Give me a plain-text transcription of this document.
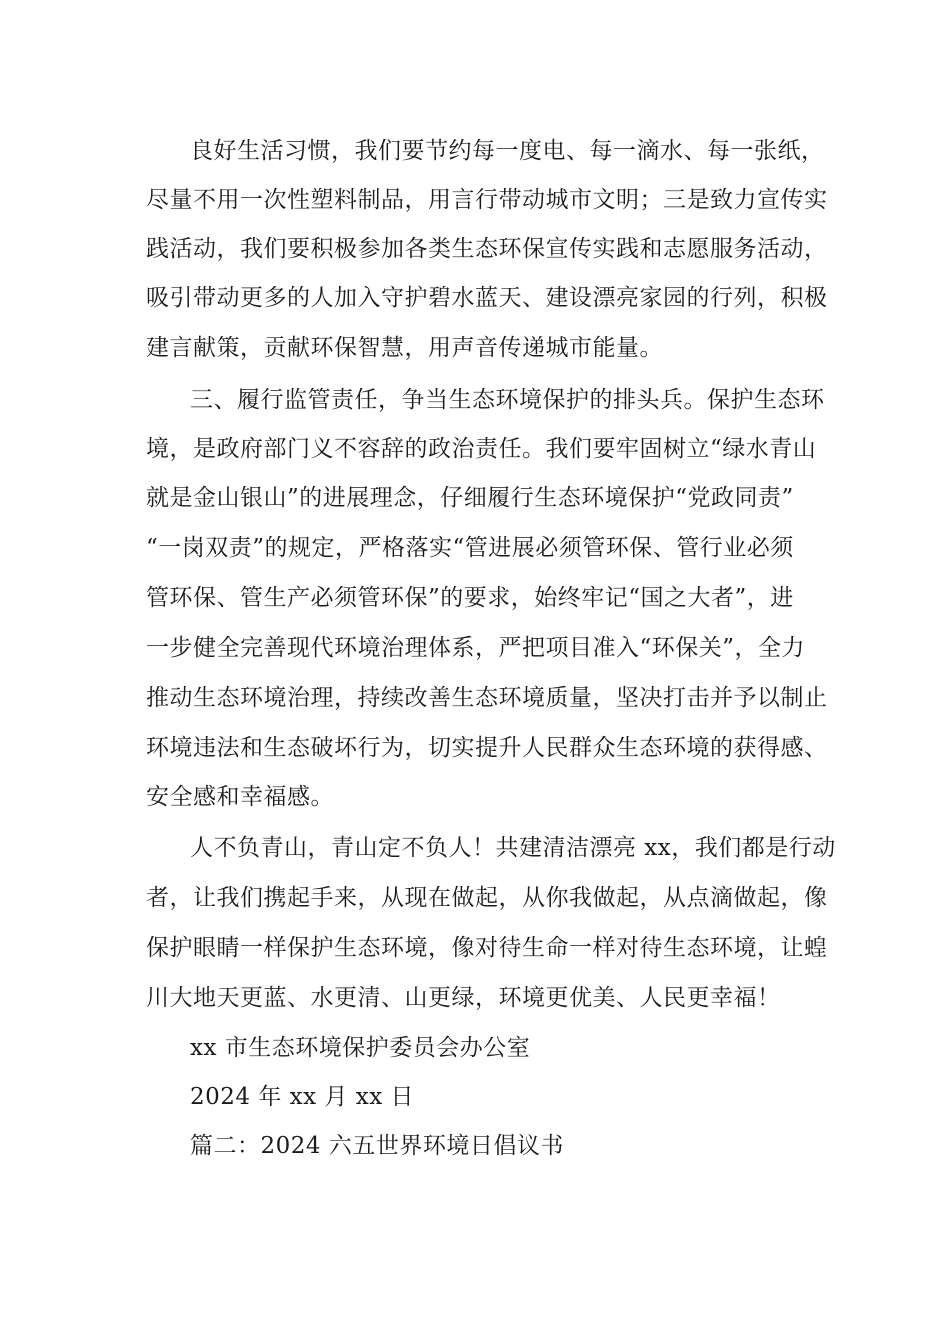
良好生活习惯，我们要节约每一度电、每一滴水、每一张纸，
尽量不用一次性塑料制品，用言行带动城市文明；三是致力宣传实
践活动，我们要积极参加各类生态环保宣传实践和志愿服务活动，
吸引带动更多的人加入守护碧水蓝天、建设漂亮家园的行列，积极
建言献策，贡献环保智慧，用声音传递城市能量。
三、履行监管责任，争当生态环境保护的排头兵。保护生态环
境，是政府部门义不容辞的政治责任。我们要牢固树立“绿水青山
就是金山银山”的进展理念，仔细履行生态环境保护“党政同责”
“一岗双责”的规定，严格落实“管进展必须管环保、管行业必须
管环保、管生产必须管环保”的要求，始终牢记“国之大者”，进
一步健全完善现代环境治理体系，严把项目准入“环保关”，全力
推动生态环境治理，持续改善生态环境质量，坚决打击并予以制止
环境违法和生态破坏行为，切实提升人民群众生态环境的获得感、
安全感和幸福感。
人不负青山，青山定不负人！共建清洁漂亮 xx，我们都是行动
者，让我们携起手来，从现在做起，从你我做起，从点滴做起，像
保护眼睛一样保护生态环境，像对待生命一样对待生态环境，让蝗
川大地天更蓝、水更清、山更绿，环境更优美、人民更幸福！
xx 市生态环境保护委员会办公室
2024 年 xx 月 xx 日
篇二：2024 六五世界环境日倡议书
